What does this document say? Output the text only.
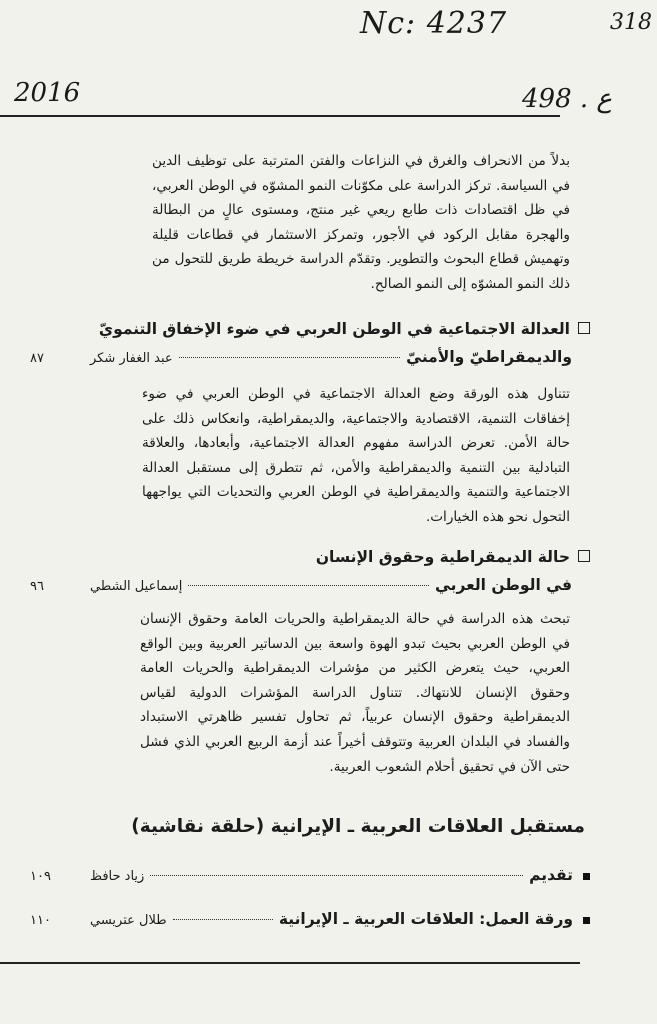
Nc: 4237	318
2016	498 . ع
بدلاً من الانحراف والغرق في النزاعات والفتن المترتبة على توظيف الدين في السياسة. تركز الدراسة على مكوّنات النمو المشوّه في الوطن العربي، في ظل اقتصادات ذات طابع ريعي غير منتج، ومستوى عالٍ من البطالة والهجرة مقابل الركود في الأجور، وتمركز الاستثمار في قطاعات قليلة وتهميش قطاع البحوث والتطوير. وتقدّم الدراسة خريطة طريق للتحول من ذلك النمو المشوّه إلى النمو الصالح.
العدالة الاجتماعية في الوطن العربي في ضوء الإخفاق التنمويّ
والديمقراطيّ والأمنيّ
عبد الغفار شكر
٨٧
تتناول هذه الورقة وضع العدالة الاجتماعية في الوطن العربي في ضوء إخفاقات التنمية، الاقتصادية والاجتماعية، والديمقراطية، وانعكاس ذلك على حالة الأمن. تعرض الدراسة مفهوم العدالة الاجتماعية، وأبعادها، والعلاقة التبادلية بين التنمية والديمقراطية والأمن، ثم تتطرق إلى مستقبل العدالة الاجتماعية والتنمية والديمقراطية في الوطن العربي والتحديات التي يواجهها التحول نحو هذه الخيارات.
حالة الديمقراطية وحقوق الإنسان
في الوطن العربي
إسماعيل الشطي
٩٦
تبحث هذه الدراسة في حالة الديمقراطية والحريات العامة وحقوق الإنسان في الوطن العربي بحيث تبدو الهوة واسعة بين الدساتير العربية وبين الواقع العربي، حيث يتعرض الكثير من مؤشرات الديمقراطية والحريات العامة وحقوق الإنسان للانتهاك. تتناول الدراسة المؤشرات الدولية لقياس الديمقراطية وحقوق الإنسان عربياً، ثم تحاول تفسير ظاهرتي الاستبداد والفساد في البلدان العربية وتتوقف أخيراً عند أزمة الربيع العربي الذي فشل حتى الآن في تحقيق أحلام الشعوب العربية.
مستقبل العلاقات العربية ـ الإيرانية (حلقة نقاشية)
تقديم
زياد حافظ
١٠٩
ورقة العمل: العلاقات العربية ـ الإيرانية
طلال عتريسي
١١٠
